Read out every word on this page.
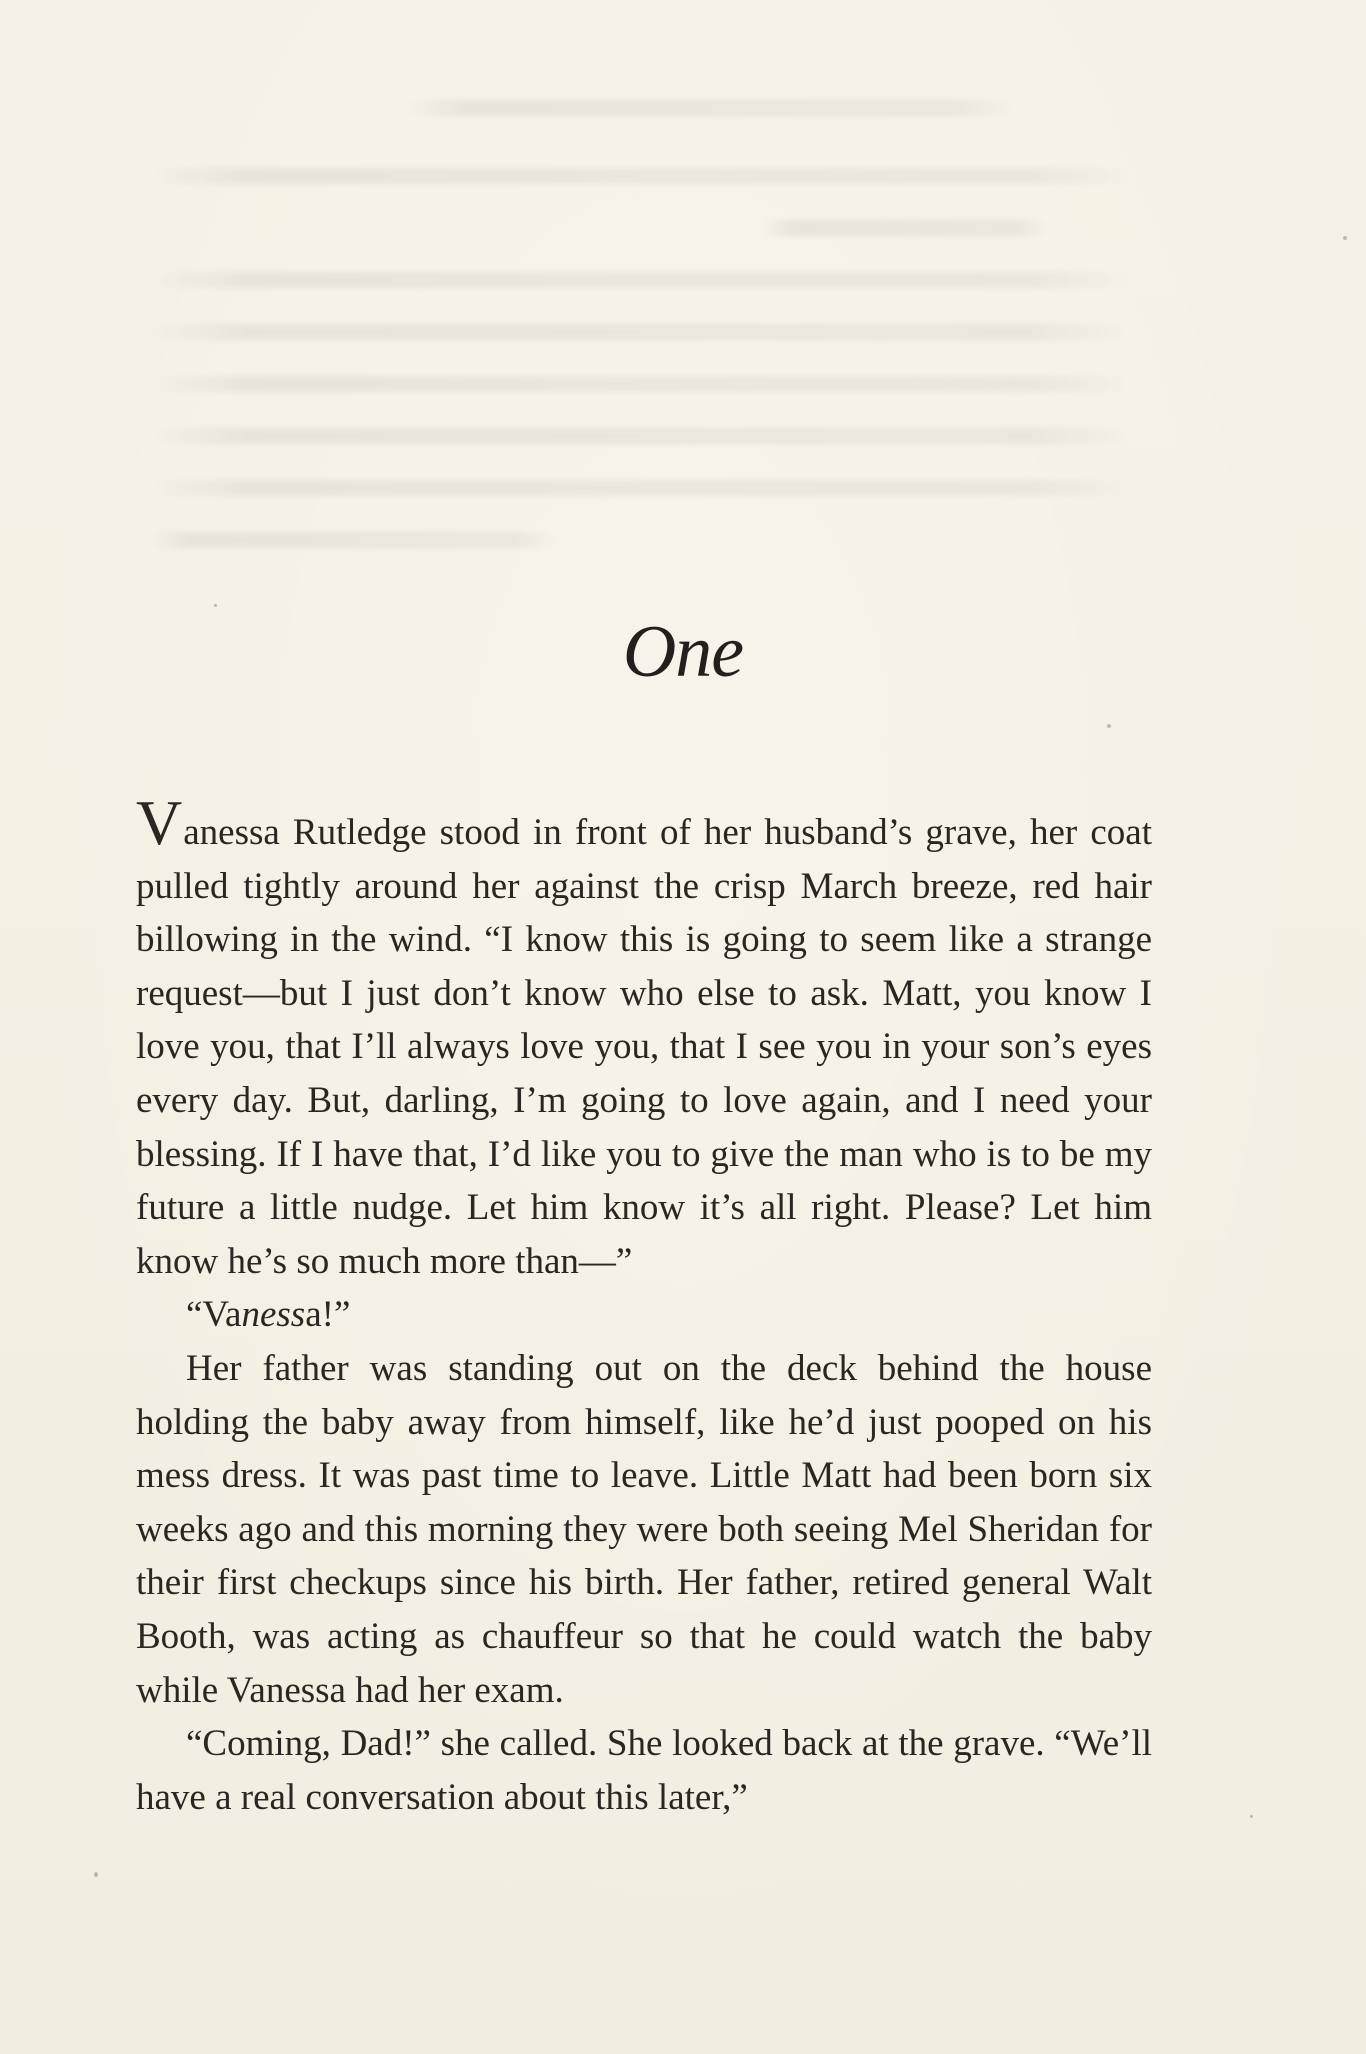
One

Vanessa Rutledge stood in front of her husband’s grave, her coat pulled tightly around her against the crisp March breeze, red hair billowing in the wind. “I know this is going to seem like a strange request—but I just don’t know who else to ask. Matt, you know I love you, that I’ll always love you, that I see you in your son’s eyes every day. But, darling, I’m going to love again, and I need your blessing. If I have that, I’d like you to give the man who is to be my future a little nudge. Let him know it’s all right. Please? Let him know he’s so much more than—”

“Vanessa!”

Her father was standing out on the deck behind the house holding the baby away from himself, like he’d just pooped on his mess dress. It was past time to leave. Little Matt had been born six weeks ago and this morning they were both seeing Mel Sheridan for their first checkups since his birth. Her father, retired general Walt Booth, was acting as chauffeur so that he could watch the baby while Vanessa had her exam.

“Coming, Dad!” she called. She looked back at the grave. “We’ll have a real conversation about this later,”
